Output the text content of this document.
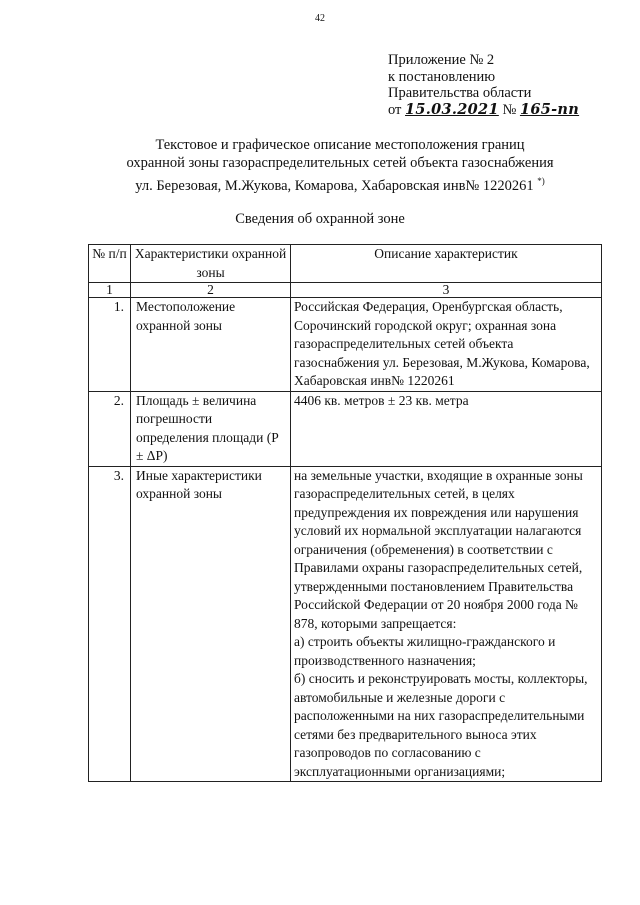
42
Приложение № 2
к постановлению
Правительства области
от 15.03.2021 № 165-пп
Текстовое и графическое описание местоположения границ
охранной зоны газораспределительных сетей объекта газоснабжения
ул. Березовая, М.Жукова, Комарова, Хабаровская инв№ 1220261 *)
Сведения об охранной зоне
№ п/п	Характеристики охранной зоны	Описание характеристик
1	2	3
1.	Местоположение охранной зоны	Российская Федерация, Оренбургская область, Сорочинский городской округ; охранная зона газораспределительных сетей объекта газоснабжения ул. Березовая, М.Жукова, Комарова, Хабаровская инв№ 1220261
2.	Площадь ± величина погрешности определения площади (P ± ΔP)	4406 кв. метров ± 23 кв. метра
3.	Иные характеристики охранной зоны	на земельные участки, входящие в охранные зоны газораспределительных сетей, в целях предупреждения их повреждения или нарушения условий их нормальной эксплуатации налагаются ограничения (обременения) в соответствии с Правилами охраны газораспределительных сетей, утвержденными постановлением Правительства Российской Федерации от 20 ноября 2000 года № 878, которыми запрещается:
а) строить объекты жилищно-гражданского и производственного назначения;
б) сносить и реконструировать мосты, коллекторы, автомобильные и железные дороги с расположенными на них газораспределительными сетями без предварительного выноса этих газопроводов по согласованию с эксплуатационными организациями;
